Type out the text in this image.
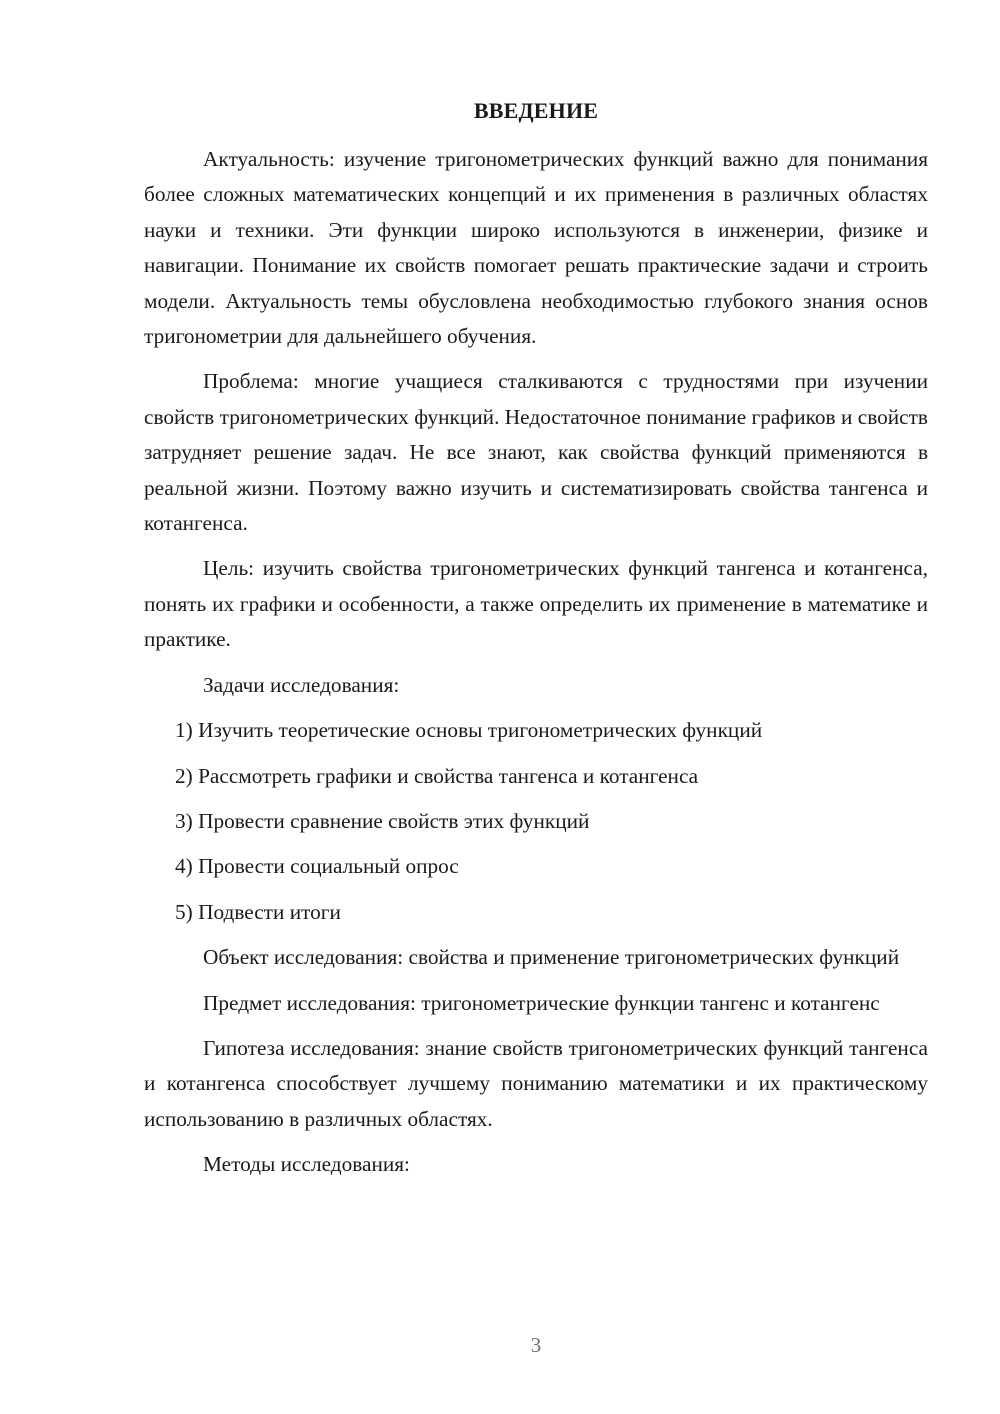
ВВЕДЕНИЕ

Актуальность: изучение тригонометрических функций важно для понимания более сложных математических концепций и их применения в различных областях науки и техники. Эти функции широко используются в инженерии, физике и навигации. Понимание их свойств помогает решать практические задачи и строить модели. Актуальность темы обусловлена необходимостью глубокого знания основ тригонометрии для дальнейшего обучения.

Проблема: многие учащиеся сталкиваются с трудностями при изучении свойств тригонометрических функций. Недостаточное понимание графиков и свойств затрудняет решение задач. Не все знают, как свойства функций применяются в реальной жизни. Поэтому важно изучить и систематизировать свойства тангенса и котангенса.

Цель: изучить свойства тригонометрических функций тангенса и котангенса, понять их графики и особенности, а также определить их применение в математике и практике.

Задачи исследования:

1) Изучить теоретические основы тригонометрических функций
2) Рассмотреть графики и свойства тангенса и котангенса
3) Провести сравнение свойств этих функций
4) Провести социальный опрос
5) Подвести итоги

Объект исследования: свойства и применение тригонометрических функций

Предмет исследования: тригонометрические функции тангенс и котангенс

Гипотеза исследования: знание свойств тригонометрических функций тангенса и котангенса способствует лучшему пониманию математики и их практическому использованию в различных областях.

Методы исследования:

3
